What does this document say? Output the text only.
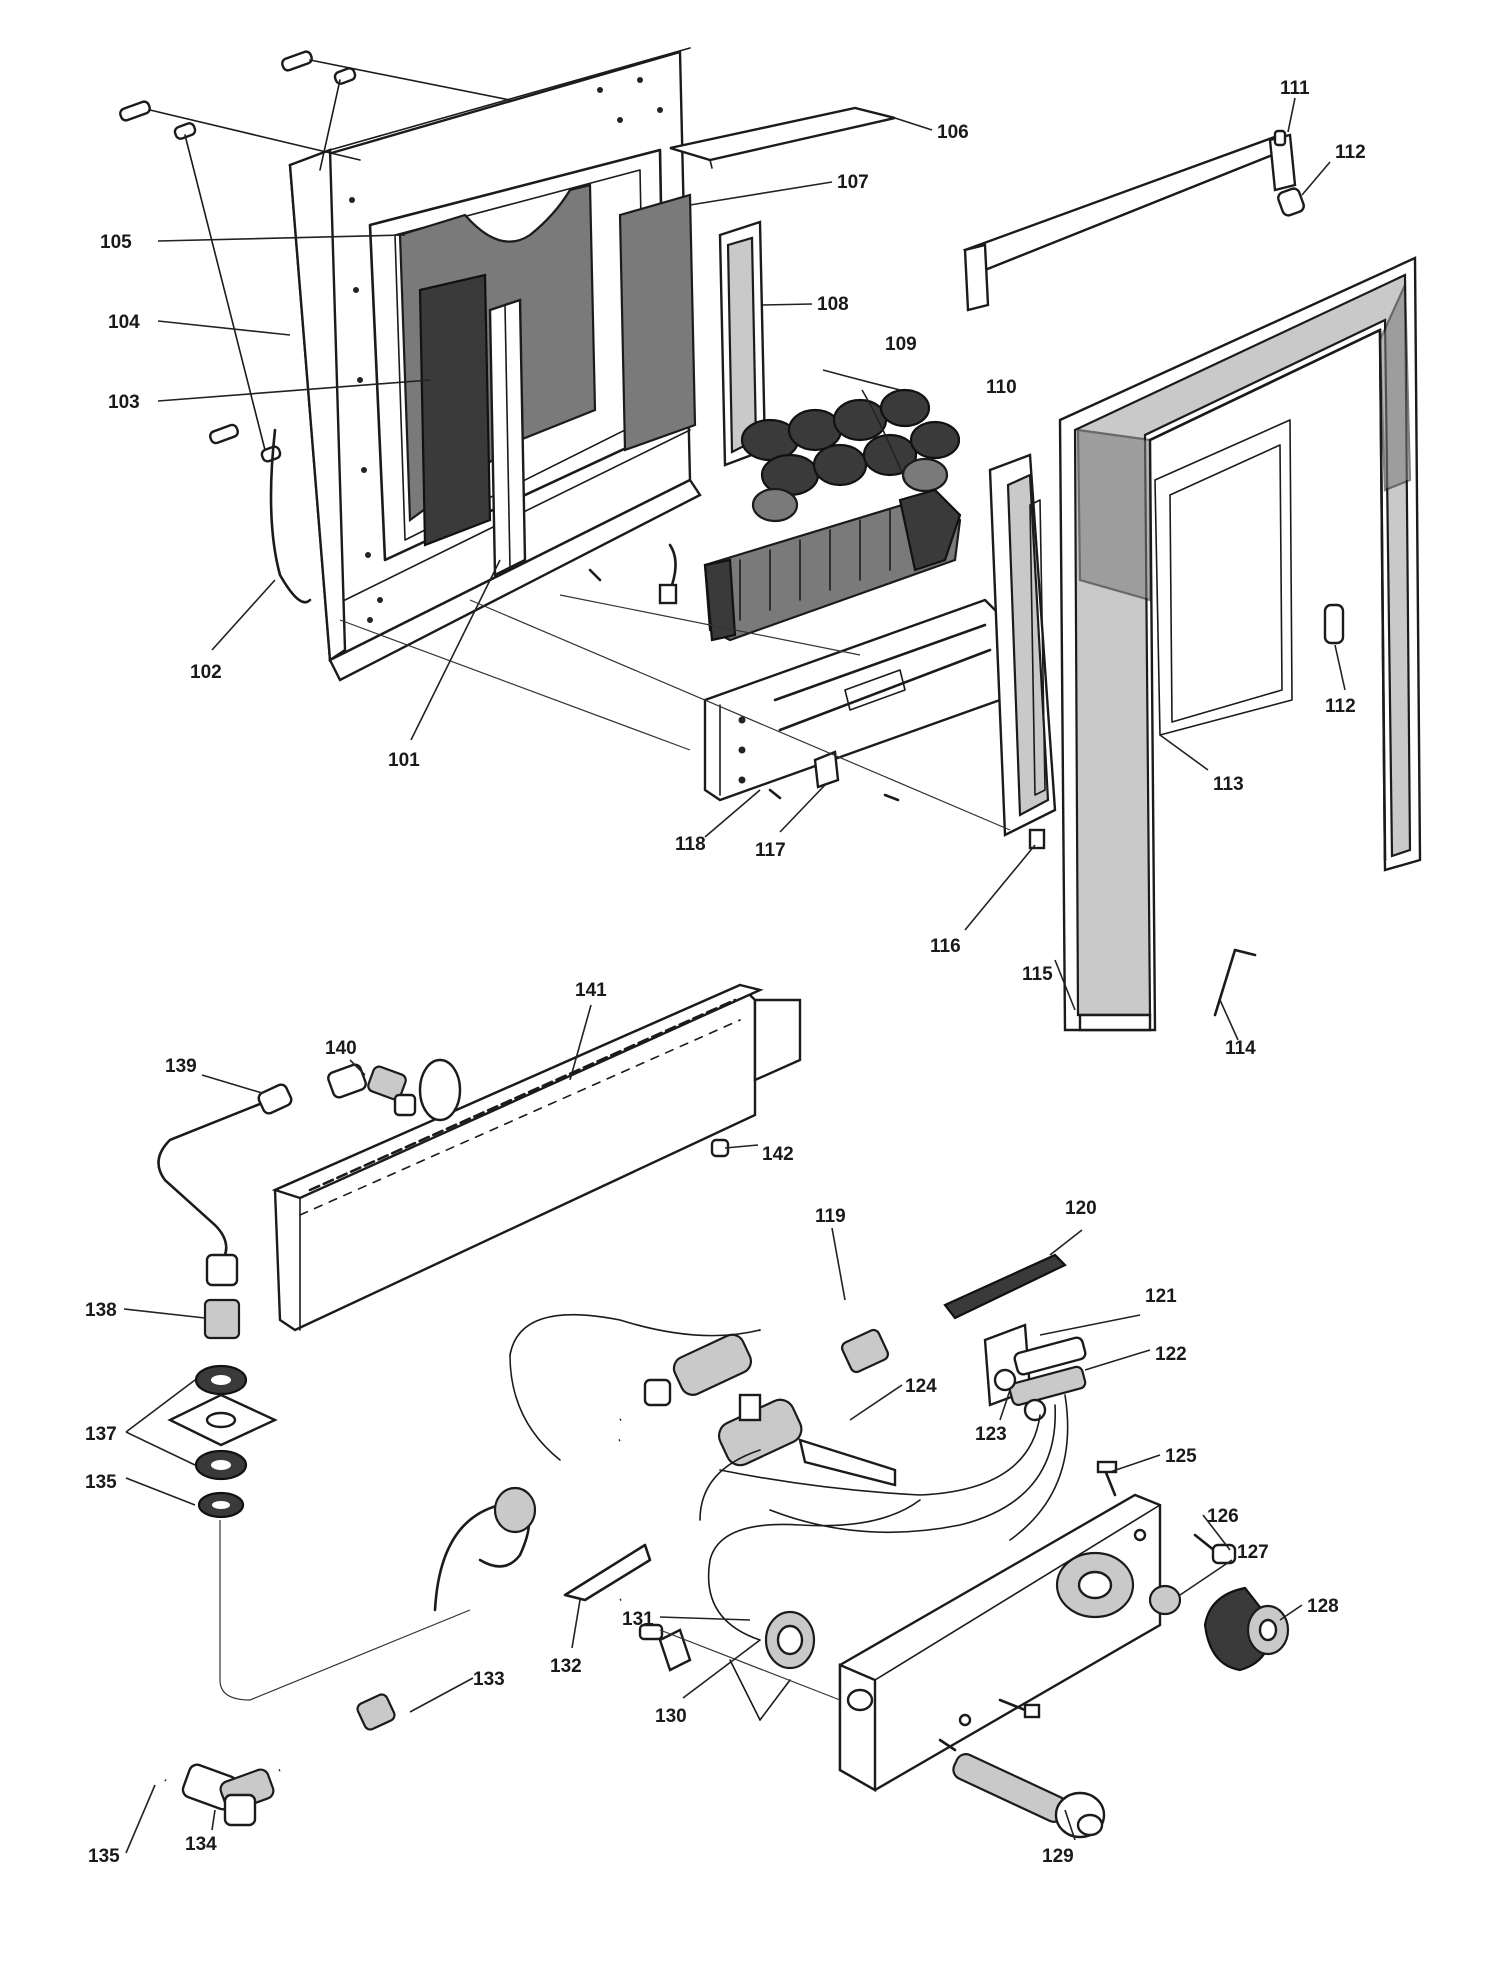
105
104
103
102
101
106
107
108
109
110
111
112
112
113
114
115
116
117
118
140
141
139
142
119	120
121
122
123
124
125
126
127
128
129
130
131
132
133
134
135
135
137
138
